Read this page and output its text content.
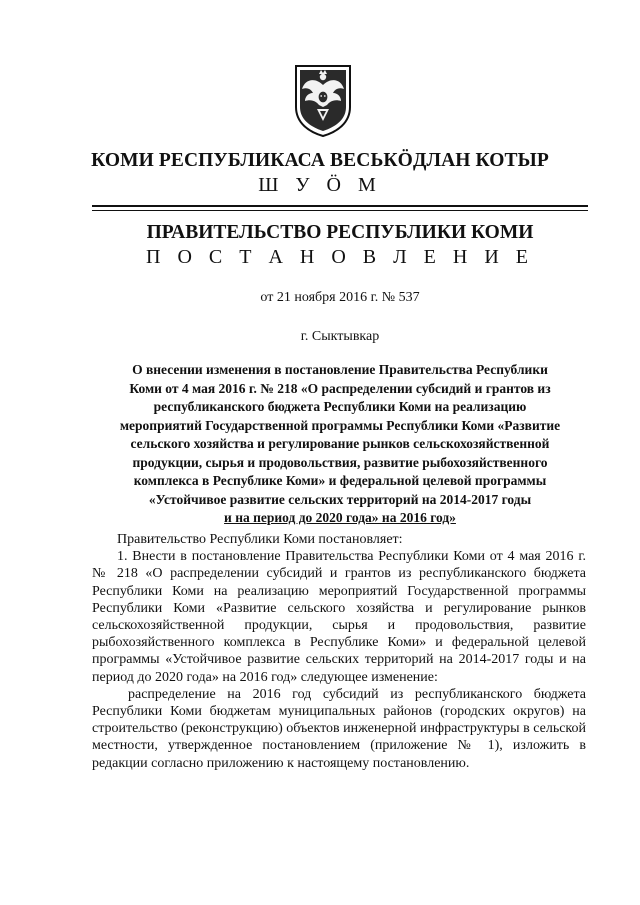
КОМИ РЕСПУБЛИКАСА ВЕСЬКÖДЛАН КОТЫР
Ш У Ö М
ПРАВИТЕЛЬСТВО РЕСПУБЛИКИ КОМИ
П О С Т А Н О В Л Е Н И Е
от 21 ноября 2016 г. № 537
г. Сыктывкар
О внесении изменения в постановление Правительства Республики
Коми от 4 мая 2016 г. № 218 «О распределении субсидий и грантов из
республиканского бюджета Республики Коми на реализацию
мероприятий Государственной программы Республики Коми «Развитие
сельского хозяйства и регулирование рынков сельскохозяйственной
продукции, сырья и продовольствия, развитие рыбохозяйственного
комплекса в Республике Коми» и федеральной целевой программы
«Устойчивое развитие сельских территорий на 2014-2017 годы
и на период до 2020 года» на 2016 год»

Правительство Республики Коми постановляет:

1. Внести в постановление Правительства Республики Коми от 4 мая 2016 г. № 218 «О распределении субсидий и грантов из республиканского бюджета Республики Коми на реализацию мероприятий Государственной программы Республики Коми «Развитие сельского хозяйства и регулирование рынков сельскохозяйственной продукции, сырья и продовольствия, развитие рыбохозяйственного комплекса в Республике Коми» и федеральной целевой программы «Устойчивое развитие сельских территорий на 2014-2017 годы и на период до 2020 года» на 2016 год» следующее изменение:

распределение на 2016 год субсидий из республиканского бюджета Республики Коми бюджетам муниципальных районов (городских округов) на строительство (реконструкцию) объектов инженерной инфраструктуры в сельской местности, утвержденное постановлением (приложение № 1), изложить в редакции согласно приложению к настоящему постановлению.
